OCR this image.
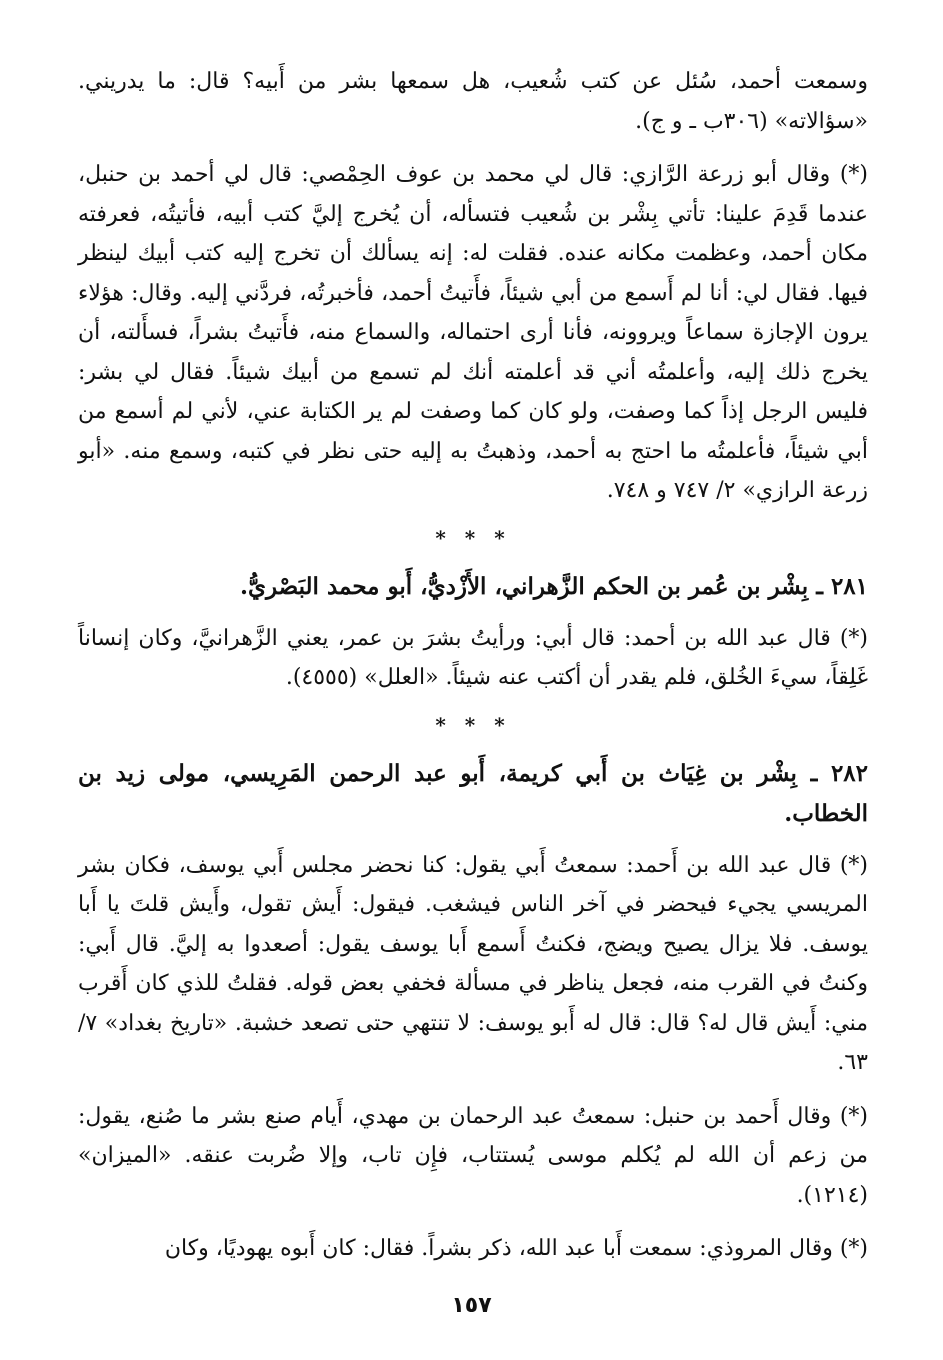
وسمعت أحمد، سُئل عن كتب شُعيب، هل سمعها بشر من أَبيه؟ قال: ما يدريني. «سؤالاته» (٣٠٦ب ـ و ج).

(*) وقال أبو زرعة الرَّازي: قال لي محمد بن عوف الحِمْصي: قال لي أحمد بن حنبل، عندما قَدِمَ علينا: تأتي بِشْر بن شُعيب فتسأله، أن يُخرج إليَّ كتب أبيه، فأتيتُه، فعرفته مكان أحمد، وعظمت مكانه عنده. فقلت له: إنه يسألك أن تخرج إليه كتب أبيك لينظر فيها. فقال لي: أنا لم أَسمع من أبي شيئاً، فأَتيتُ أحمد، فأخبرتُه، فردَّني إليه. وقال: هؤلاء يرون الإجازة سماعاً ويروونه، فأنا أرى احتماله، والسماع منه، فأَتيتُ بشراً، فسأَلته، أن يخرج ذلك إليه، وأعلمتُه أني قد أعلمته أنك لم تسمع من أبيك شيئاً. فقال لي بشر: فليس الرجل إذاً كما وصفت، ولو كان كما وصفت لم ير الكتابة عني، لأني لم أسمع من أبي شيئاً، فأعلمتُه ما احتج به أحمد، وذهبتُ به إليه حتى نظر في كتبه، وسمع منه. «أبو زرعة الرازي» ٢/ ٧٤٧ و ٧٤٨.

* * *
٢٨١ ـ بِشْر بن عُمر بن الحكم الزَّهراني، الأَزْديُّ، أَبو محمد البَصْريُّ.

(*) قال عبد الله بن أحمد: قال أبي: ورأيتُ بشرَ بن عمر، يعني الزَّهرانيَّ، وكان إنساناً غَلِقاً، سيءَ الخُلق، فلم يقدر أن أكتب عنه شيئاً. «العلل» (٤٥٥٥).

* * *
٢٨٢ ـ بِشْر بن غِيَاث بن أَبي كريمة، أَبو عبد الرحمن المَرِيسي، مولى زيد بن الخطاب.

(*) قال عبد الله بن أَحمد: سمعتُ أَبي يقول: كنا نحضر مجلس أَبي يوسف، فكان بشر المريسي يجيء فيحضر في آخر الناس فيشغب. فيقول: أَيش تقول، وأَيش قلتَ يا أَبا يوسف. فلا يزال يصيح ويضج، فكنتُ أَسمع أَبا يوسف يقول: أصعدوا به إليَّ. قال أَبي: وكنتُ في القرب منه، فجعل يناظر في مسألة فخفي بعض قوله. فقلتُ للذي كان أَقرب مني: أَيش قال له؟ قال: قال له أَبو يوسف: لا تنتهي حتى تصعد خشبة. «تاريخ بغداد» ٧/ ٦٣.

(*) وقال أَحمد بن حنبل: سمعتُ عبد الرحمان بن مهدي، أَيام صنع بشر ما صُنع، يقول: من زعم أن الله لم يُكلم موسى يُستتاب، فإِن تاب، وإلا ضُربت عنقه. «الميزان» (١٢١٤).

(*) وقال المروذي: سمعت أَبا عبد الله، ذكر بشراً. فقال: كان أَبوه يهوديًا، وكان

١٥٧
